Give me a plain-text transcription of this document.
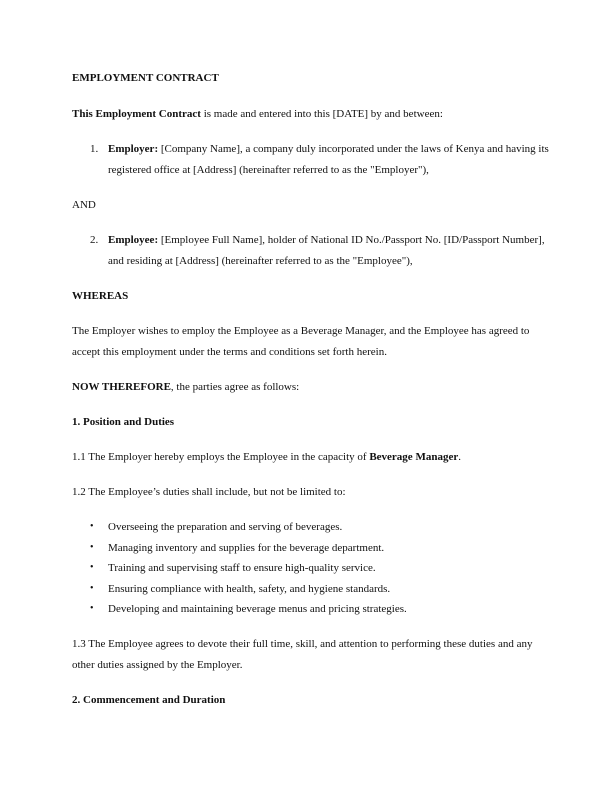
EMPLOYMENT CONTRACT

This Employment Contract is made and entered into this [DATE] by and between:

1. Employer: [Company Name], a company duly incorporated under the laws of Kenya and having its registered office at [Address] (hereinafter referred to as the "Employer"),

AND

2. Employee: [Employee Full Name], holder of National ID No./Passport No. [ID/Passport Number], and residing at [Address] (hereinafter referred to as the "Employee"),
WHEREAS

The Employer wishes to employ the Employee as a Beverage Manager, and the Employee has agreed to accept this employment under the terms and conditions set forth herein.

NOW THEREFORE, the parties agree as follows:

1. Position and Duties

1.1 The Employer hereby employs the Employee in the capacity of Beverage Manager.

1.2 The Employee’s duties shall include, but not be limited to:

• Overseeing the preparation and serving of beverages.
• Managing inventory and supplies for the beverage department.
• Training and supervising staff to ensure high-quality service.
• Ensuring compliance with health, safety, and hygiene standards.
• Developing and maintaining beverage menus and pricing strategies.

1.3 The Employee agrees to devote their full time, skill, and attention to performing these duties and any other duties assigned by the Employer.

2. Commencement and Duration
